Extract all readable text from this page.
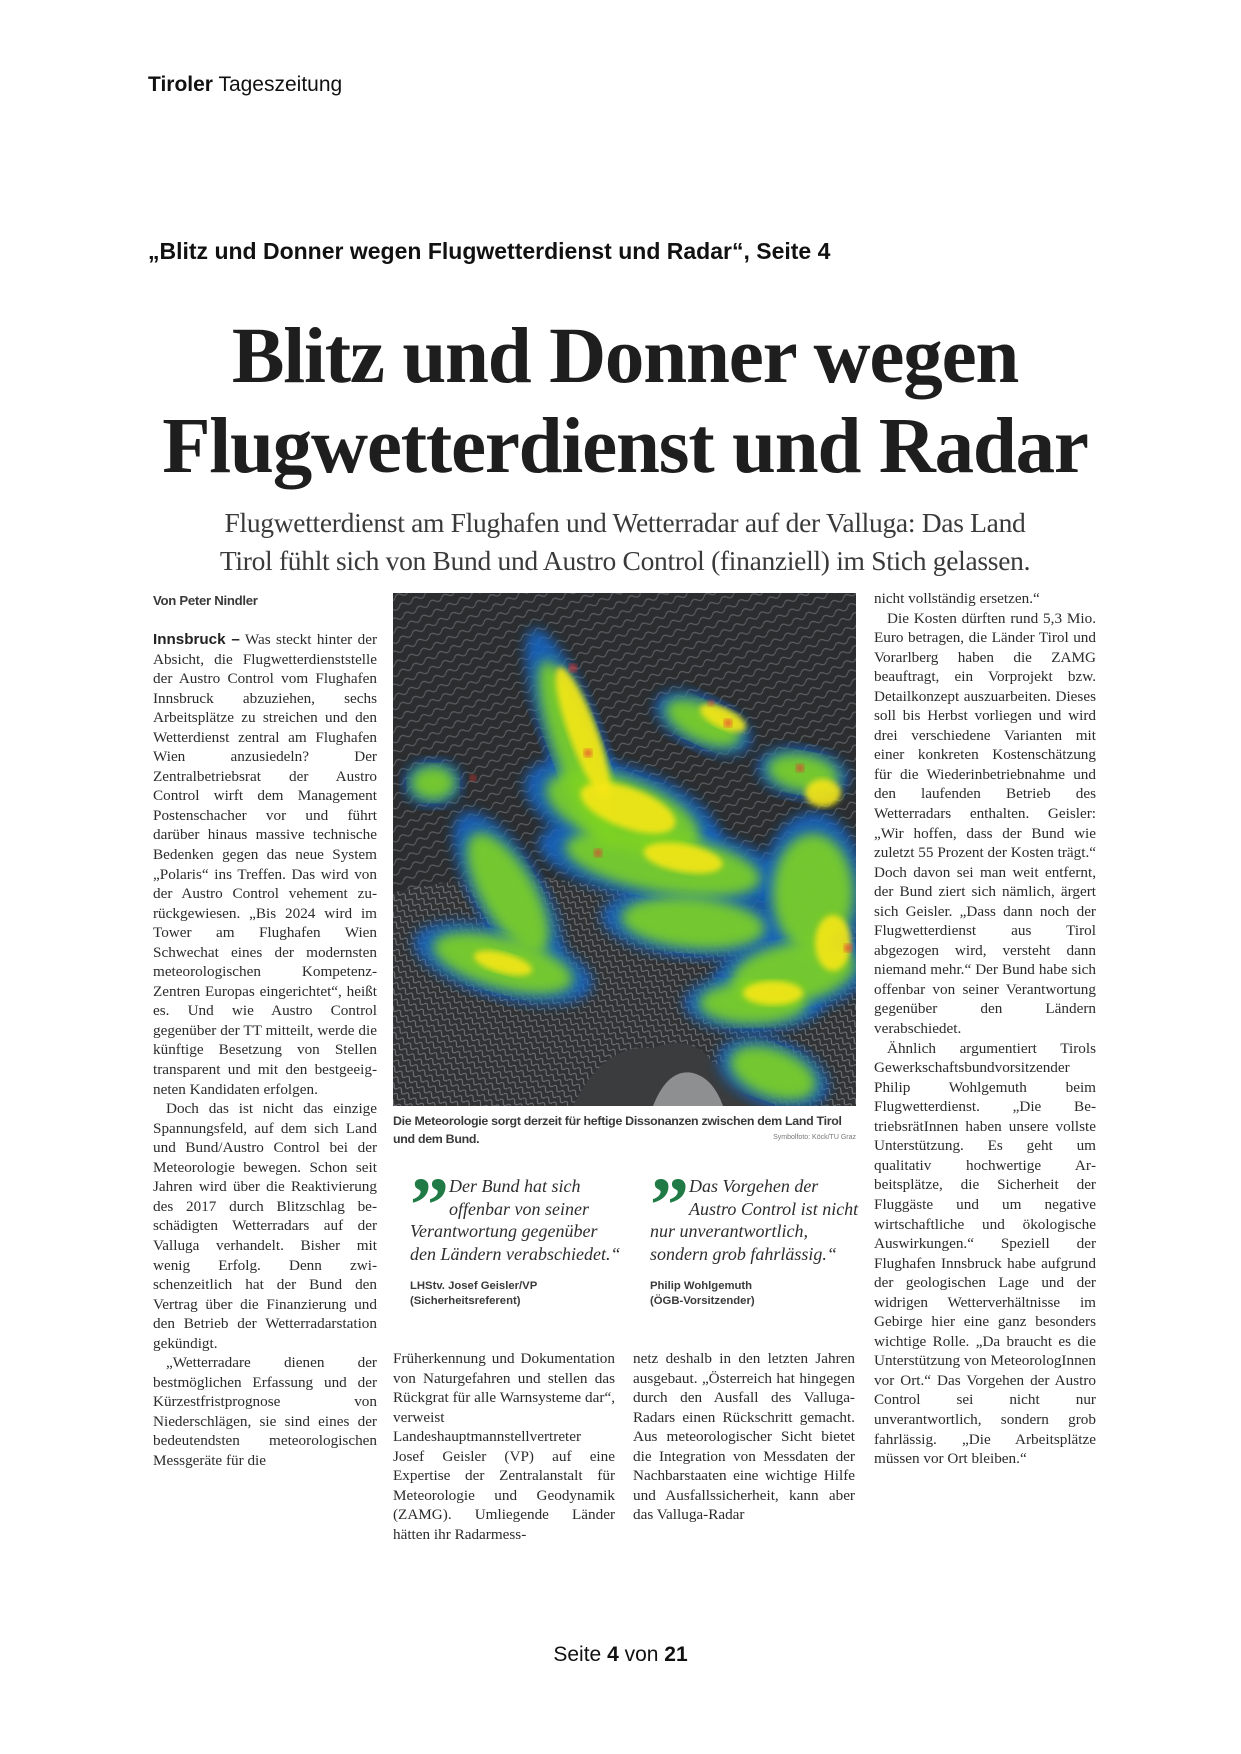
Tiroler Tageszeitung
„Blitz und Donner wegen Flugwetterdienst und Radar“, Seite 4
Blitz und Donner wegen
Flugwetterdienst und Radar
Flugwetterdienst am Flughafen und Wetterradar auf der Valluga: Das Land
Tirol fühlt sich von Bund und Austro Control (finanziell) im Stich gelassen.
Von Peter Nindler

Innsbruck – Was steckt hinter der Absicht, die Flugwetterdienststelle der Austro Control vom Flughafen Innsbruck abzuziehen, sechs Arbeitsplätze zu streichen und den Wetterdienst zentral am Flughafen Wien anzusiedeln? Der Zentralbetriebsrat der Austro Control wirft dem Management Postenschacher vor und führt darüber hinaus massive technische Bedenken gegen das neue System „Polaris“ ins Treffen. Das wird von der Austro Control vehement zurückgewiesen. „Bis 2024 wird im Tower am Flughafen Wien Schwechat eines der modernsten meteorologischen Kompetenz-Zentren Europas eingerichtet“, heißt es. Und wie Austro Control gegenüber der TT mitteilt, werde die künftige Besetzung von Stellen transparent und mit den bestgeeigneten Kandidaten erfolgen.

Doch das ist nicht das einzige Spannungsfeld, auf dem sich Land und Bund/Austro Control bei der Meteorologie bewegen. Schon seit Jahren wird über die Reaktivierung des 2017 durch Blitzschlag beschädigten Wetterradars auf der Valluga verhandelt. Bisher mit wenig Erfolg. Denn zwischenzeitlich hat der Bund den Vertrag über die Finanzierung und den Betrieb der Wetterradarstation gekündigt.

„Wetterradare dienen der bestmöglichen Erfassung und der Kürzestfristprognose von Niederschlägen, sie sind eines der bedeutendsten meteorologischen Messgeräte für die

Die Meteorologie sorgt derzeit für heftige Dissonanzen zwischen dem Land Tirol und dem Bund.	Symbolfoto: Köck/TU Graz
” Der Bund hat sich offenbar von seiner Verantwortung gegenüber den Ländern verabschiedet.“
LHStv. Josef Geisler/VP
(Sicherheitsreferent)
” Das Vorgehen der Austro Control ist nicht nur unverantwortlich, sondern grob fahrlässig.“
Philip Wohlgemuth
(ÖGB-Vorsitzender)

Früherkennung und Dokumentation von Naturgefahren und stellen das Rückgrat für alle Warnsysteme dar“, verweist Landeshauptmannstellvertreter Josef Geisler (VP) auf eine Expertise der Zentralanstalt für Meteorologie und Geodynamik (ZAMG). Umliegende Länder hätten ihr Radarmess-

netz deshalb in den letzten Jahren ausgebaut. „Österreich hat hingegen durch den Ausfall des Valluga-Radars einen Rückschritt gemacht. Aus meteorologischer Sicht bietet die Integration von Messdaten der Nachbarstaaten eine wichtige Hilfe und Ausfallssicherheit, kann aber das Valluga-Radar

nicht vollständig ersetzen.“

Die Kosten dürften rund 5,3 Mio. Euro betragen, die Länder Tirol und Vorarlberg haben die ZAMG beauftragt, ein Vorprojekt bzw. Detailkonzept auszuarbeiten. Dieses soll bis Herbst vorliegen und wird drei verschiedene Varianten mit einer konkreten Kostenschätzung für die Wiederinbetriebnahme und den laufenden Betrieb des Wetterradars enthalten. Geisler: „Wir hoffen, dass der Bund wie zuletzt 55 Prozent der Kosten trägt.“ Doch davon sei man weit entfernt, der Bund ziert sich nämlich, ärgert sich Geisler. „Dass dann noch der Flugwetterdienst aus Tirol abgezogen wird, versteht dann niemand mehr.“ Der Bund habe sich offenbar von seiner Verantwortung gegenüber den Ländern verabschiedet.

Ähnlich argumentiert Tirols Gewerkschaftsbundvorsitzender Philip Wohlgemuth beim Flugwetterdienst. „Die BetriebsrätInnen haben unsere vollste Unterstützung. Es geht um qualitativ hochwertige Arbeitsplätze, die Sicherheit der Fluggäste und um negative wirtschaftliche und ökologische Auswirkungen.“ Speziell der Flughafen Innsbruck habe aufgrund der geologischen Lage und der widrigen Wetterverhältnisse im Gebirge hier eine ganz besonders wichtige Rolle. „Da braucht es die Unterstützung von MeteorologInnen vor Ort.“ Das Vorgehen der Austro Control sei nicht nur unverantwortlich, sondern grob fahrlässig. „Die Arbeitsplätze müssen vor Ort bleiben.“

Seite 4 von 21
